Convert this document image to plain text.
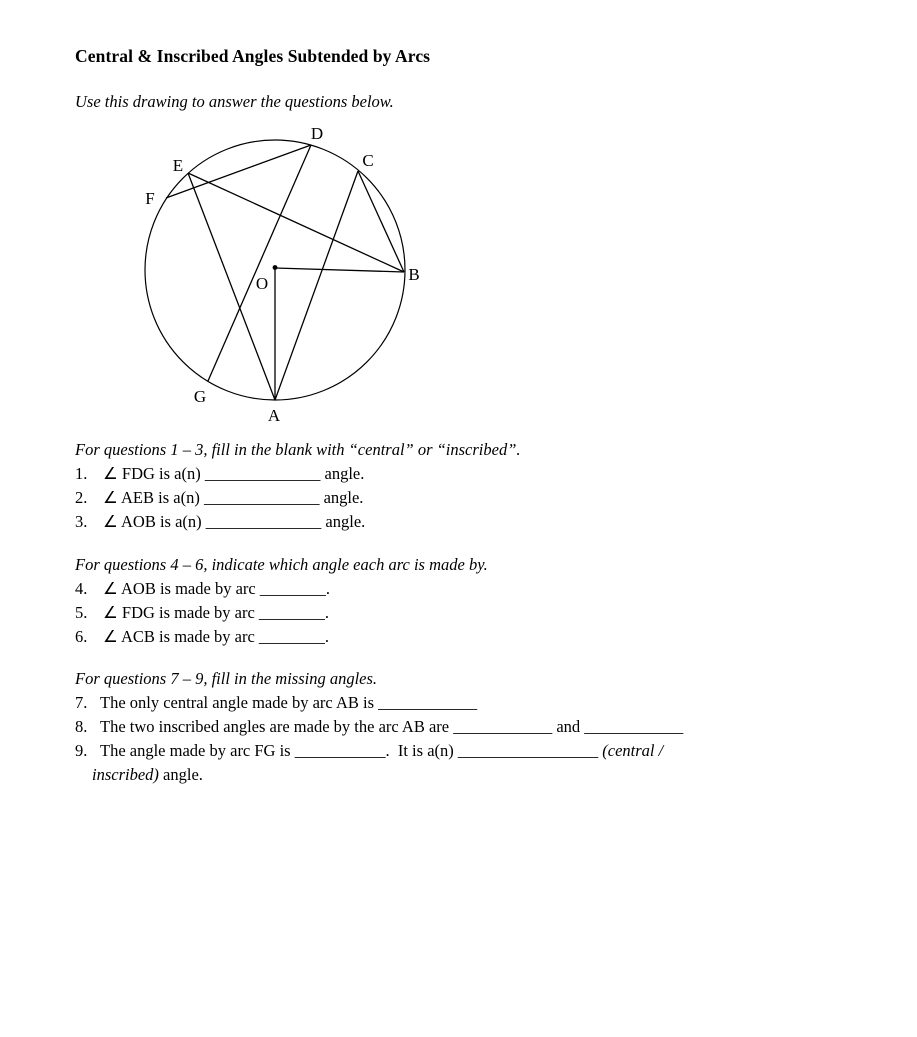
Central & Inscribed Angles Subtended by Arcs
Use this drawing to answer the questions below.
D
C
E
F
B
O
G
A
For questions 1 – 3, fill in the blank with “central” or “inscribed”.
1. ∠ FDG is a(n) ______________ angle.
2. ∠ AEB is a(n) ______________ angle.
3. ∠ AOB is a(n) ______________ angle.
For questions 4 – 6, indicate which angle each arc is made by.
4. ∠ AOB is made by arc ________.
5. ∠ FDG is made by arc ________.
6. ∠ ACB is made by arc ________.
For questions 7 – 9, fill in the missing angles.
7. The only central angle made by arc AB is ____________
8. The two inscribed angles are made by the arc AB are ____________ and ____________
9. The angle made by arc FG is ___________.  It is a(n) _________________ (central /
inscribed) angle.
